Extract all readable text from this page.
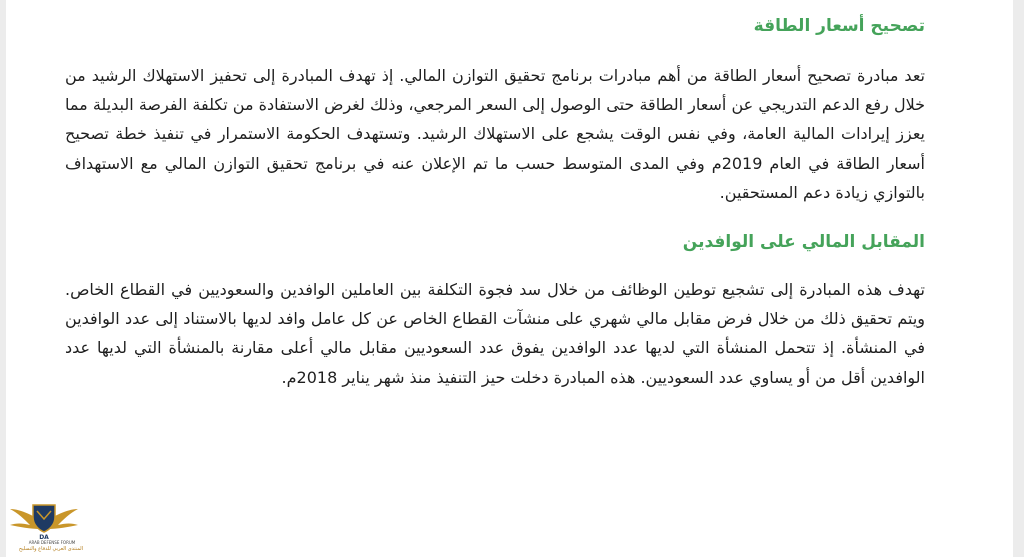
تصحيح أسعار الطاقة

تعد مبادرة تصحيح أسعار الطاقة من أهم مبادرات برنامج تحقيق التوازن المالي. إذ تهدف المبادرة إلى تحفيز الاستهلاك الرشيد من خلال رفع الدعم التدريجي عن أسعار الطاقة حتى الوصول إلى السعر المرجعي، وذلك لغرض الاستفادة من تكلفة الفرصة البديلة مما يعزز إيرادات المالية العامة، وفي نفس الوقت يشجع على الاستهلاك الرشيد. وتستهدف الحكومة الاستمرار في تنفيذ خطة تصحيح أسعار الطاقة في العام 2019م وفي المدى المتوسط حسب ما تم الإعلان عنه في برنامج تحقيق التوازن المالي مع الاستهداف بالتوازي زيادة دعم المستحقين.

المقابل المالي على الوافدين

تهدف هذه المبادرة إلى تشجيع توطين الوظائف من خلال سد فجوة التكلفة بين العاملين الوافدين والسعوديين في القطاع الخاص. ويتم تحقيق ذلك من خلال فرض مقابل مالي شهري على منشآت القطاع الخاص عن كل عامل وافد لديها بالاستناد إلى عدد الوافدين في المنشأة. إذ تتحمل المنشأة التي لديها عدد الوافدين يفوق عدد السعوديين مقابل مالي أعلى مقارنة بالمنشأة التي لديها عدد الوافدين أقل من أو يساوي عدد السعوديين. هذه المبادرة دخلت حيز التنفيذ منذ شهر يناير 2018م.

DA
ARAB DEFENSE FORUM
المنتدى العربي للدفاع والتسليح
